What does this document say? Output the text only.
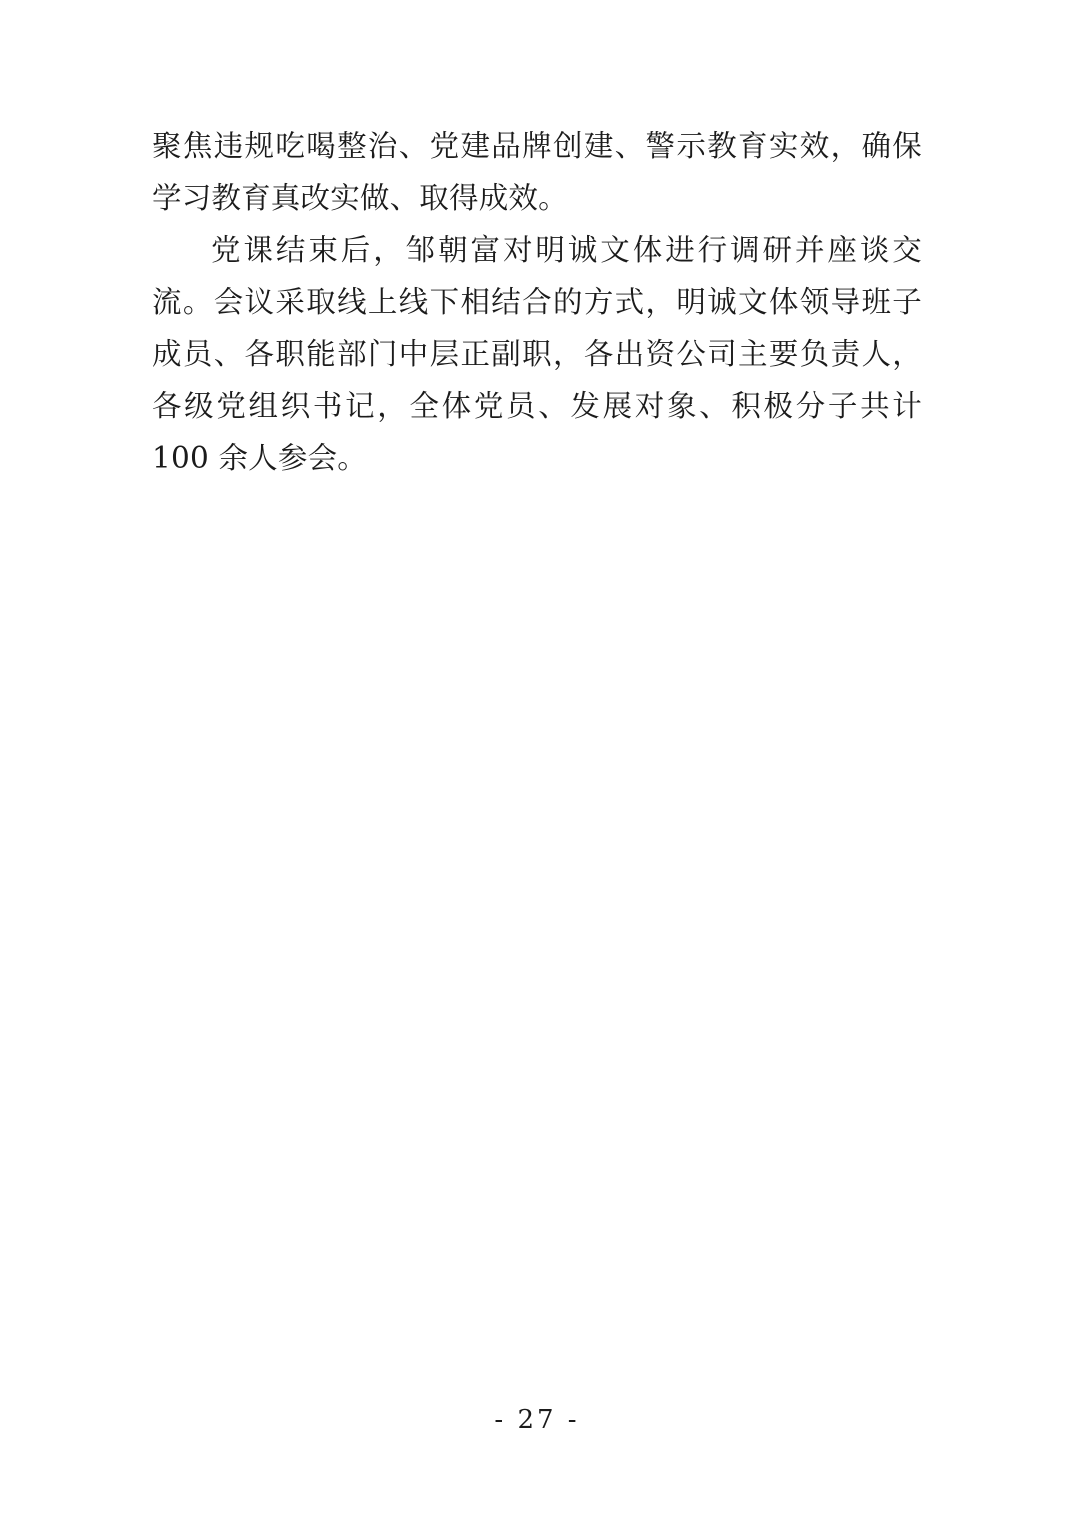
聚焦违规吃喝整治、党建品牌创建、警示教育实效，确保学习教育真改实做、取得成效。

党课结束后，邹朝富对明诚文体进行调研并座谈交流。会议采取线上线下相结合的方式，明诚文体领导班子成员、各职能部门中层正副职，各出资公司主要负责人，各级党组织书记，全体党员、发展对象、积极分子共计 100 余人参会。

- 27 -
